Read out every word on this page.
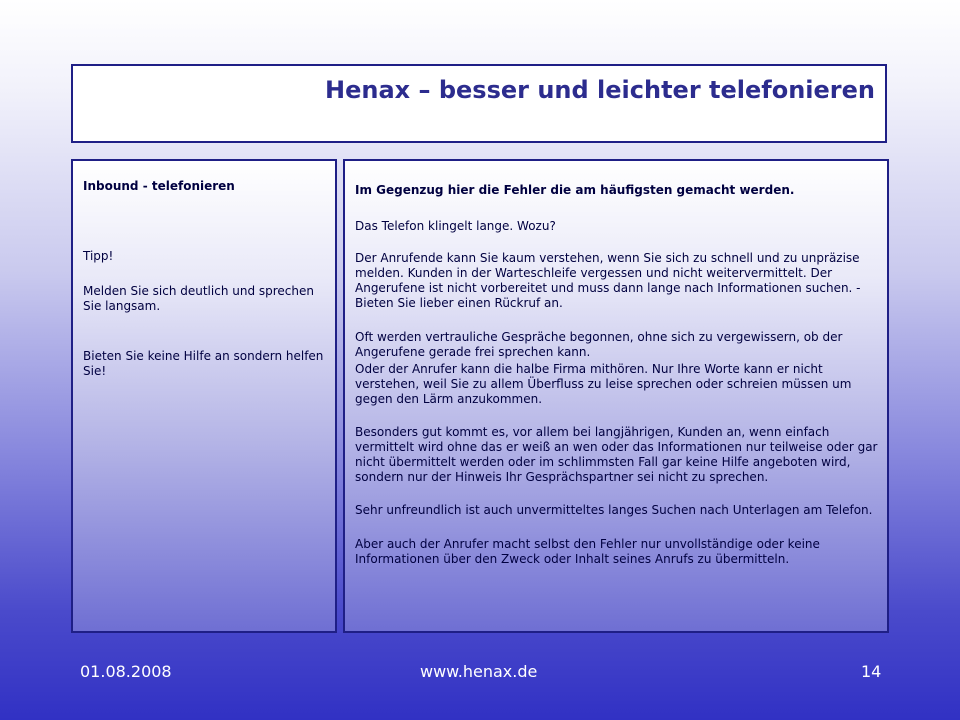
Henax – besser und leichter telefonieren

Inbound - telefonieren

Tipp!

Melden Sie sich deutlich und sprechen Sie langsam.

Bieten Sie keine Hilfe an sondern helfen Sie!

Im Gegenzug hier die Fehler die am häufigsten gemacht werden.

Das Telefon klingelt lange. Wozu?

Der Anrufende kann Sie kaum verstehen, wenn Sie sich zu schnell und zu unpräzise melden. Kunden in der Warteschleife vergessen und nicht weitervermittelt. Der Angerufene ist nicht vorbereitet und muss dann lange nach Informationen suchen. - Bieten Sie lieber einen Rückruf an.

Oft werden vertrauliche Gespräche begonnen, ohne sich zu vergewissern, ob der Angerufene gerade frei sprechen kann.

Oder der Anrufer kann die halbe Firma mithören. Nur Ihre Worte kann er nicht verstehen, weil Sie zu allem Überfluss zu leise sprechen oder schreien müssen um gegen den Lärm anzukommen.

Besonders gut kommt es, vor allem bei langjährigen, Kunden an, wenn einfach vermittelt wird ohne das er weiß an wen oder das Informationen nur teilweise oder gar nicht übermittelt werden oder im schlimmsten Fall gar keine Hilfe angeboten wird, sondern nur der Hinweis Ihr Gesprächspartner sei nicht zu sprechen.

Sehr unfreundlich ist auch unvermitteltes langes Suchen nach Unterlagen am Telefon.

Aber auch der Anrufer macht selbst den Fehler nur unvollständige oder keine Informationen über den Zweck oder Inhalt seines Anrufs zu übermitteln.

01.08.2008	www.henax.de	14
